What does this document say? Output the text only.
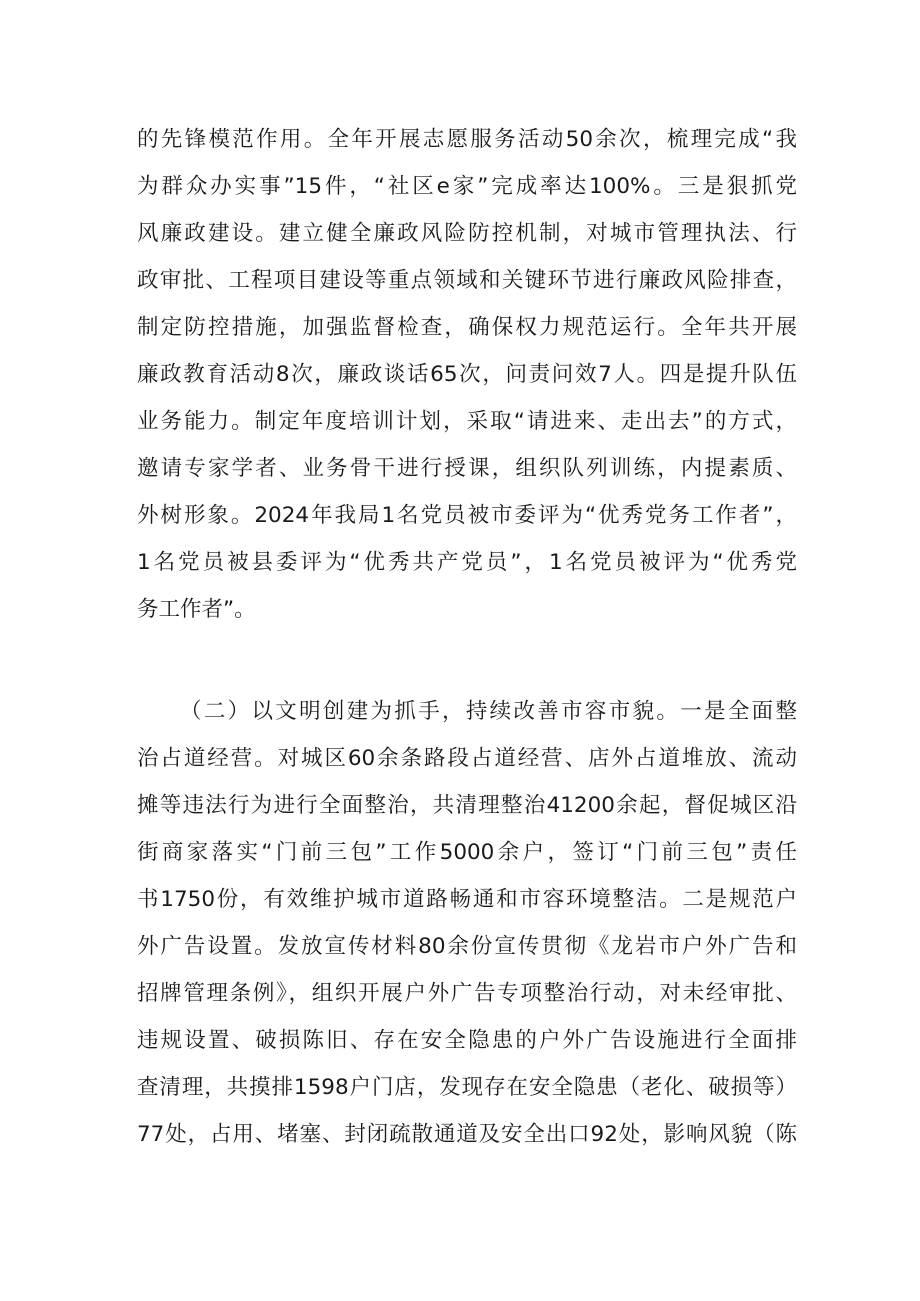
的先锋模范作用。全年开展志愿服务活动50余次，梳理完成“我
为群众办实事”15件，“社区e家”完成率达100%。三是狠抓党
风廉政建设。建立健全廉政风险防控机制，对城市管理执法、行
政审批、工程项目建设等重点领域和关键环节进行廉政风险排查，
制定防控措施，加强监督检查，确保权力规范运行。全年共开展
廉政教育活动8次，廉政谈话65次，问责问效7人。四是提升队伍
业务能力。制定年度培训计划，采取“请进来、走出去”的方式，
邀请专家学者、业务骨干进行授课，组织队列训练，内提素质、
外树形象。2024年我局1名党员被市委评为“优秀党务工作者”，
1名党员被县委评为“优秀共产党员”，1名党员被评为“优秀党
务工作者”。
（二）以文明创建为抓手，持续改善市容市貌。一是全面整
治占道经营。对城区60余条路段占道经营、店外占道堆放、流动
摊等违法行为进行全面整治，共清理整治41200余起，督促城区沿
街商家落实“门前三包”工作5000余户，签订“门前三包”责任
书1750份，有效维护城市道路畅通和市容环境整洁。二是规范户
外广告设置。发放宣传材料80余份宣传贯彻《龙岩市户外广告和
招牌管理条例》，组织开展户外广告专项整治行动，对未经审批、
违规设置、破损陈旧、存在安全隐患的户外广告设施进行全面排
查清理，共摸排1598户门店，发现存在安全隐患（老化、破损等）
77处，占用、堵塞、封闭疏散通道及安全出口92处，影响风貌（陈
